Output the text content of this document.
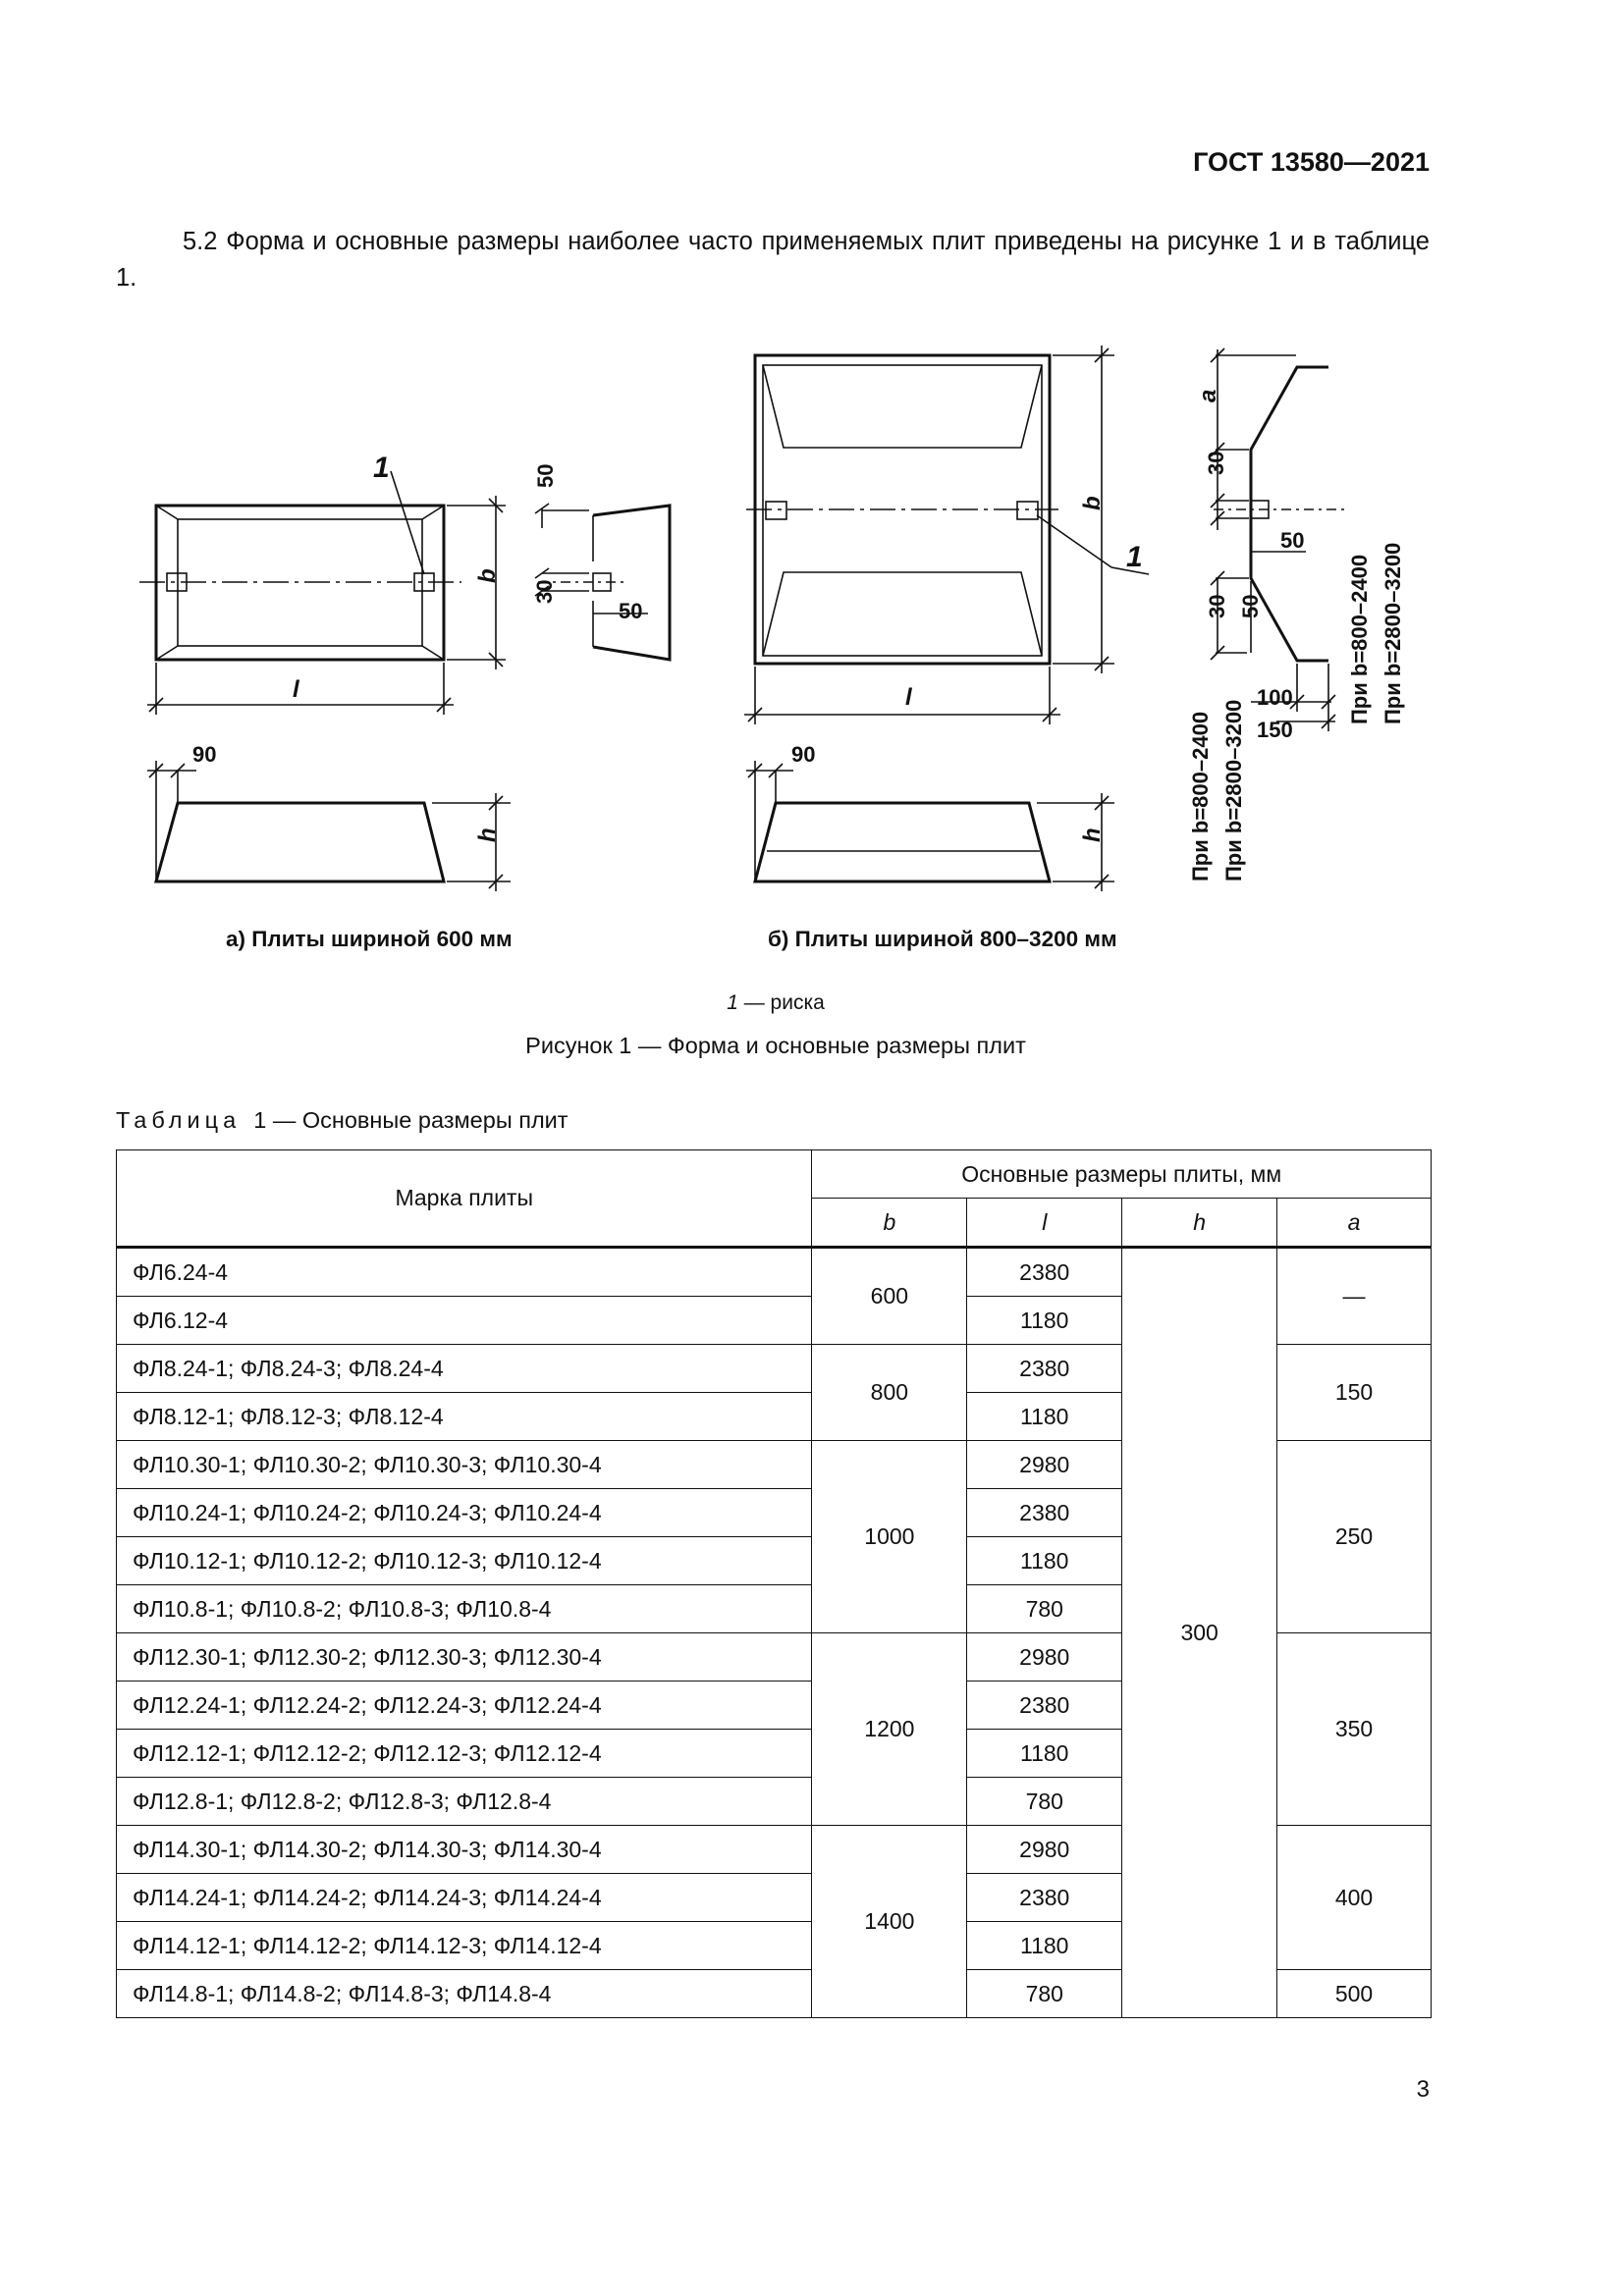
ГОСТ 13580—2021
5.2 Форма и основные размеры наиболее часто применяемых плит приведены на рисунке 1 и в таблице 1.
1
1
l
b
50
30
50
90
h
l
b
90
h
a
30
50
30 50
100
150
При b=800–2400 При b=2800–3200
При b=800–2400 При b=2800–3200
а) Плиты шириной 600 мм	б) Плиты шириной 800–3200 мм
1 — риска
Рисунок 1 — Форма и основные размеры плит
Таблица 1 — Основные размеры плит
Марка плиты	Основные размеры плиты, мм			
	b	l	h	a
ФЛ6.24-4	600	2380	300	—
ФЛ6.12-4		1180		
ФЛ8.24-1; ФЛ8.24-3; ФЛ8.24-4	800	2380		150
ФЛ8.12-1; ФЛ8.12-3; ФЛ8.12-4		1180		
ФЛ10.30-1; ФЛ10.30-2; ФЛ10.30-3; ФЛ10.30-4	1000	2980		250
ФЛ10.24-1; ФЛ10.24-2; ФЛ10.24-3; ФЛ10.24-4		2380		
ФЛ10.12-1; ФЛ10.12-2; ФЛ10.12-3; ФЛ10.12-4		1180		
ФЛ10.8-1; ФЛ10.8-2; ФЛ10.8-3; ФЛ10.8-4		780		
ФЛ12.30-1; ФЛ12.30-2; ФЛ12.30-3; ФЛ12.30-4	1200	2980		350
ФЛ12.24-1; ФЛ12.24-2; ФЛ12.24-3; ФЛ12.24-4		2380		
ФЛ12.12-1; ФЛ12.12-2; ФЛ12.12-3; ФЛ12.12-4		1180		
ФЛ12.8-1; ФЛ12.8-2; ФЛ12.8-3; ФЛ12.8-4		780		
ФЛ14.30-1; ФЛ14.30-2; ФЛ14.30-3; ФЛ14.30-4	1400	2980		400
ФЛ14.24-1; ФЛ14.24-2; ФЛ14.24-3; ФЛ14.24-4		2380		
ФЛ14.12-1; ФЛ14.12-2; ФЛ14.12-3; ФЛ14.12-4		1180		
ФЛ14.8-1; ФЛ14.8-2; ФЛ14.8-3; ФЛ14.8-4		780		500
3
